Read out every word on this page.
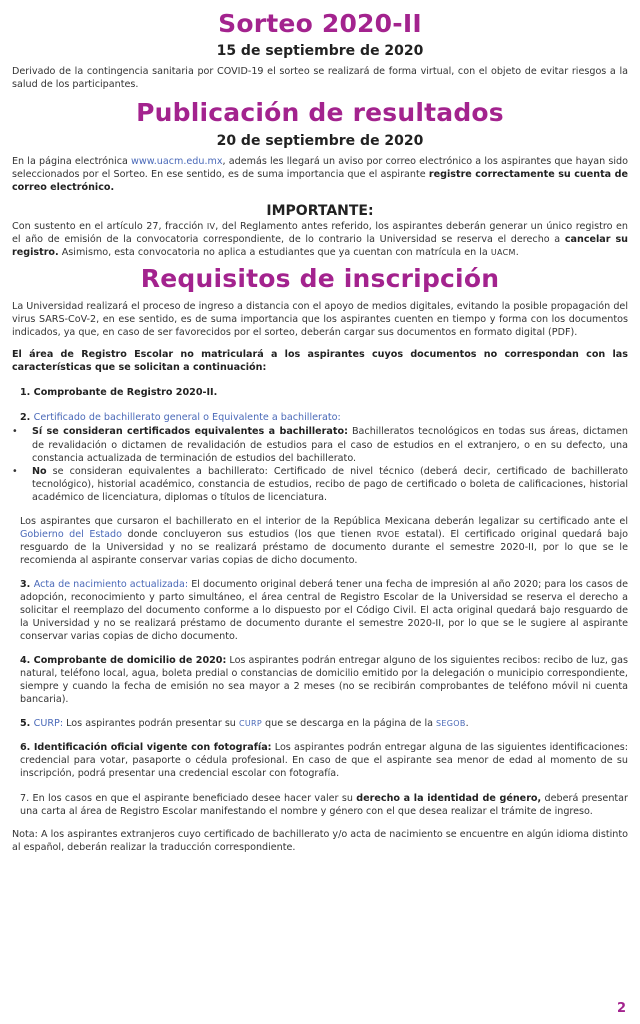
Sorteo 2020-II
15 de septiembre de 2020

Derivado de la contingencia sanitaria por COVID-19 el sorteo se realizará de forma virtual, con el objeto de evitar riesgos a la salud de los participantes.

Publicación de resultados
20 de septiembre de 2020

En la página electrónica www.uacm.edu.mx, además les llegará un aviso por correo electrónico a los aspirantes que hayan sido seleccionados por el Sorteo. En ese sentido, es de suma importancia que el aspirante registre correctamente su cuenta de correo electrónico.

IMPORTANTE:

Con sustento en el artículo 27, fracción IV, del Reglamento antes referido, los aspirantes deberán generar un único registro en el año de emisión de la convocatoria correspondiente, de lo contrario la Universidad se reserva el derecho a cancelar su registro. Asimismo, esta convocatoria no aplica a estudiantes que ya cuentan con matrícula en la UACM.

Requisitos de inscripción

La Universidad realizará el proceso de ingreso a distancia con el apoyo de medios digitales, evitando la posible propagación del virus SARS-CoV-2, en ese sentido, es de suma importancia que los aspirantes cuenten en tiempo y forma con los documentos indicados, ya que, en caso de ser favorecidos por el sorteo, deberán cargar sus documentos en formato digital (PDF).

El área de Registro Escolar no matriculará a los aspirantes cuyos documentos no correspondan con las características que se solicitan a continuación:

1. Comprobante de Registro 2020-II.

2. Certificado de bachillerato general o Equivalente a bachillerato:

• Sí se consideran certificados equivalentes a bachillerato: Bachilleratos tecnológicos en todas sus áreas, dictamen de revalidación o dictamen de revalidación de estudios para el caso de estudios en el extranjero, o en su defecto, una constancia actualizada de terminación de estudios del bachillerato.
• No se consideran equivalentes a bachillerato: Certificado de nivel técnico (deberá decir, certificado de bachillerato tecnológico), historial académico, constancia de estudios, recibo de pago de certificado o boleta de calificaciones, historial académico de licenciatura, diplomas o títulos de licenciatura.

Los aspirantes que cursaron el bachillerato en el interior de la República Mexicana deberán legalizar su certificado ante el Gobierno del Estado donde concluyeron sus estudios (los que tienen RVOE estatal). El certificado original quedará bajo resguardo de la Universidad y no se realizará préstamo de documento durante el semestre 2020-II, por lo que se le recomienda al aspirante conservar varias copias de dicho documento.

3. Acta de nacimiento actualizada: El documento original deberá tener una fecha de impresión al año 2020; para los casos de adopción, reconocimiento y parto simultáneo, el área central de Registro Escolar de la Universidad se reserva el derecho a solicitar el reemplazo del documento conforme a lo dispuesto por el Código Civil. El acta original quedará bajo resguardo de la Universidad y no se realizará préstamo de documento durante el semestre 2020-II, por lo que se le sugiere al aspirante conservar varias copias de dicho documento.

4. Comprobante de domicilio de 2020: Los aspirantes podrán entregar alguno de los siguientes recibos: recibo de luz, gas natural, teléfono local, agua, boleta predial o constancias de domicilio emitido por la delegación o municipio correspondiente, siempre y cuando la fecha de emisión no sea mayor a 2 meses (no se recibirán comprobantes de teléfono móvil ni cuenta bancaria).

5. CURP: Los aspirantes podrán presentar su CURP que se descarga en la página de la SEGOB.

6. Identificación oficial vigente con fotografía: Los aspirantes podrán entregar alguna de las siguientes identificaciones: credencial para votar, pasaporte o cédula profesional. En caso de que el aspirante sea menor de edad al momento de su inscripción, podrá presentar una credencial escolar con fotografía.

7. En los casos en que el aspirante beneficiado desee hacer valer su derecho a la identidad de género, deberá presentar una carta al área de Registro Escolar manifestando el nombre y género con el que desea realizar el trámite de ingreso.

Nota: A los aspirantes extranjeros cuyo certificado de bachillerato y/o acta de nacimiento se encuentre en algún idioma distinto al español, deberán realizar la traducción correspondiente.

2
